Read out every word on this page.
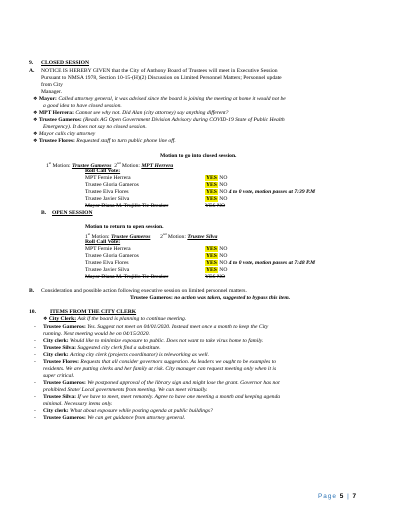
9. CLOSED SESSION
A. NOTICE IS HEREBY GIVEN that the City of Anthony Board of Trustees will meet in Executive Session
Pursuant to NMSA 1978, Section 10-15-(H)(2) Discussion on Limited Personnel Matters; Personnel update
from City
Manager.
❖ Mayor: Called attorney general, it was advised since the board is joining the meeting at home it would not be
a good idea to have closed session.
❖ MPT Herrera: Cannot see why not. Did Alan (city attorney) say anything different?
❖ Trustee Gameros: (Reads AG Open Government Division Advisory during COVID-19 State of Public Health
Emergency). It does not say no closed session.
❖ Mayor calls city attorney
❖ Trustee Flores: Requested staff to turn public phone line off.
Motion to go into closed session.
1st Motion: Trustee Gameros  2nd Motion: MPT Herrera
Roll Call Vote:
MPT Fernie Herrera	YES NO
Trustee Gloria Gameros	YES NO
Trustee Elva Flores	YES NO 4 to 0 vote, motion passes at 7:39 P.M
Trustee Javier Silva	YES NO
Mayor Diana M. Trujillo Tie Breaker	YES NO
B. OPEN SESSION
Motion to return to open session.
1st Motion: Trustee Gameros       2nd Motion: Trustee Silva
Roll Call Vote:
MPT Fernie Herrera	YES NO
Trustee Gloria Gameros	YES NO
Trustee Elva Flores	YES NO 4 to 0 vote, motion passes at 7:48 P.M
Trustee Javier Silva	YES NO
Mayor Diana M. Trujillo Tie Breaker	YES NO
B. Consideration and possible action following executive session on limited personnel matters.
Trustee Gameros: no action was taken, suggested to bypass this item.
10.	ITEMS FROM THE CITY CLERK
❖ City Clerk: Ask if the board is planning to continue meeting.
- Trustee Gameros: Yes. Suggest not meet on 04/01/2020. Instead meet once a month to keep the City
running. Next meeting would be on 04/15/2020.
- City clerk: Would like to minimize exposure to public. Does not want to take virus home to family.
- Trustee Silva: Suggested city clerk find a substitute.
- City clerk: Acting city clerk (projects coordinator) is teleworking as well.
- Trustee Flores: Requests that all consider governors suggestion. As leaders we ought to be examples to
residents. We are putting clerks and her family at risk. City manager can request meeting only when it is
super critical.
- Trustee Gameros: We postponed approval of the library sign and might lose the grant. Governor has not
prohibited State/ Local governments from meeting. We can meet virtually.
- Trustee Silva: If we have to meet, meet remotely. Agree to have one meeting a month and keeping agenda
minimal. Necessary items only.
- City clerk: What about exposure while posting agenda at public buildings?
- Trustee Gameros: We can get guidance from attorney general.
Page 5 | 7
